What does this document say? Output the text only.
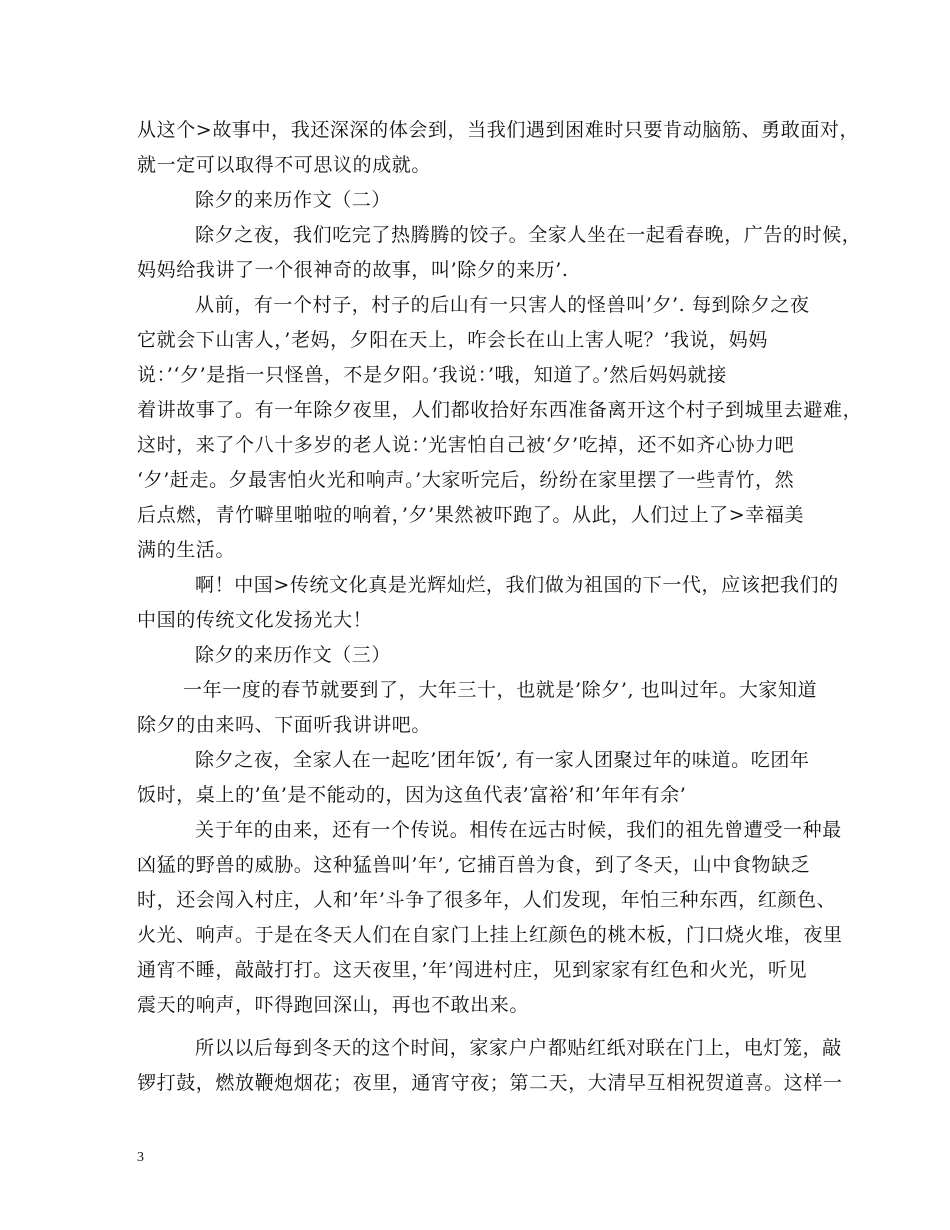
从这个>故事中，我还深深的体会到，当我们遇到困难时只要肯动脑筋、勇敢面对，
就一定可以取得不可思议的成就。
除夕的来历作文（二）
除夕之夜，我们吃完了热腾腾的饺子。全家人坐在一起看春晚，广告的时候，
妈妈给我讲了一个很神奇的故事，叫’除夕的来历’.
从前，有一个村子，村子的后山有一只害人的怪兽叫’夕’. 每到除夕之夜
它就会下山害人，’老妈，夕阳在天上，咋会长在山上害人呢？’我说，妈妈
说：’‘夕’是指一只怪兽，不是夕阳。’我说：’哦，知道了。’然后妈妈就接
着讲故事了。有一年除夕夜里，人们都收拾好东西准备离开这个村子到城里去避难，
这时，来了个八十多岁的老人说：’光害怕自己被‘夕’吃掉，还不如齐心协力吧
‘夕’赶走。夕最害怕火光和响声。’大家听完后，纷纷在家里摆了一些青竹，然
后点燃，青竹噼里啪啦的响着，’夕’果然被吓跑了。从此，人们过上了>幸福美
满的生活。
啊！中国>传统文化真是光辉灿烂，我们做为祖国的下一代，应该把我们的
中国的传统文化发扬光大！
除夕的来历作文（三）
一年一度的春节就要到了，大年三十，也就是’除夕’, 也叫过年。大家知道
除夕的由来吗、下面听我讲讲吧。
除夕之夜，全家人在一起吃’团年饭’, 有一家人团聚过年的味道。吃团年
饭时，桌上的’鱼’是不能动的，因为这鱼代表’富裕’和’年年有余’
关于年的由来，还有一个传说。相传在远古时候，我们的祖先曾遭受一种最
凶猛的野兽的威胁。这种猛兽叫’年’, 它捕百兽为食，到了冬天，山中食物缺乏
时，还会闯入村庄，人和’年’斗争了很多年，人们发现，年怕三种东西，红颜色、
火光、响声。于是在冬天人们在自家门上挂上红颜色的桃木板，门口烧火堆，夜里
通宵不睡，敲敲打打。这天夜里，’年’闯进村庄，见到家家有红色和火光，听见
震天的响声，吓得跑回深山，再也不敢出来。
所以以后每到冬天的这个时间，家家户户都贴红纸对联在门上，电灯笼，敲
锣打鼓，燃放鞭炮烟花；夜里，通宵守夜；第二天，大清早互相祝贺道喜。这样一
3
